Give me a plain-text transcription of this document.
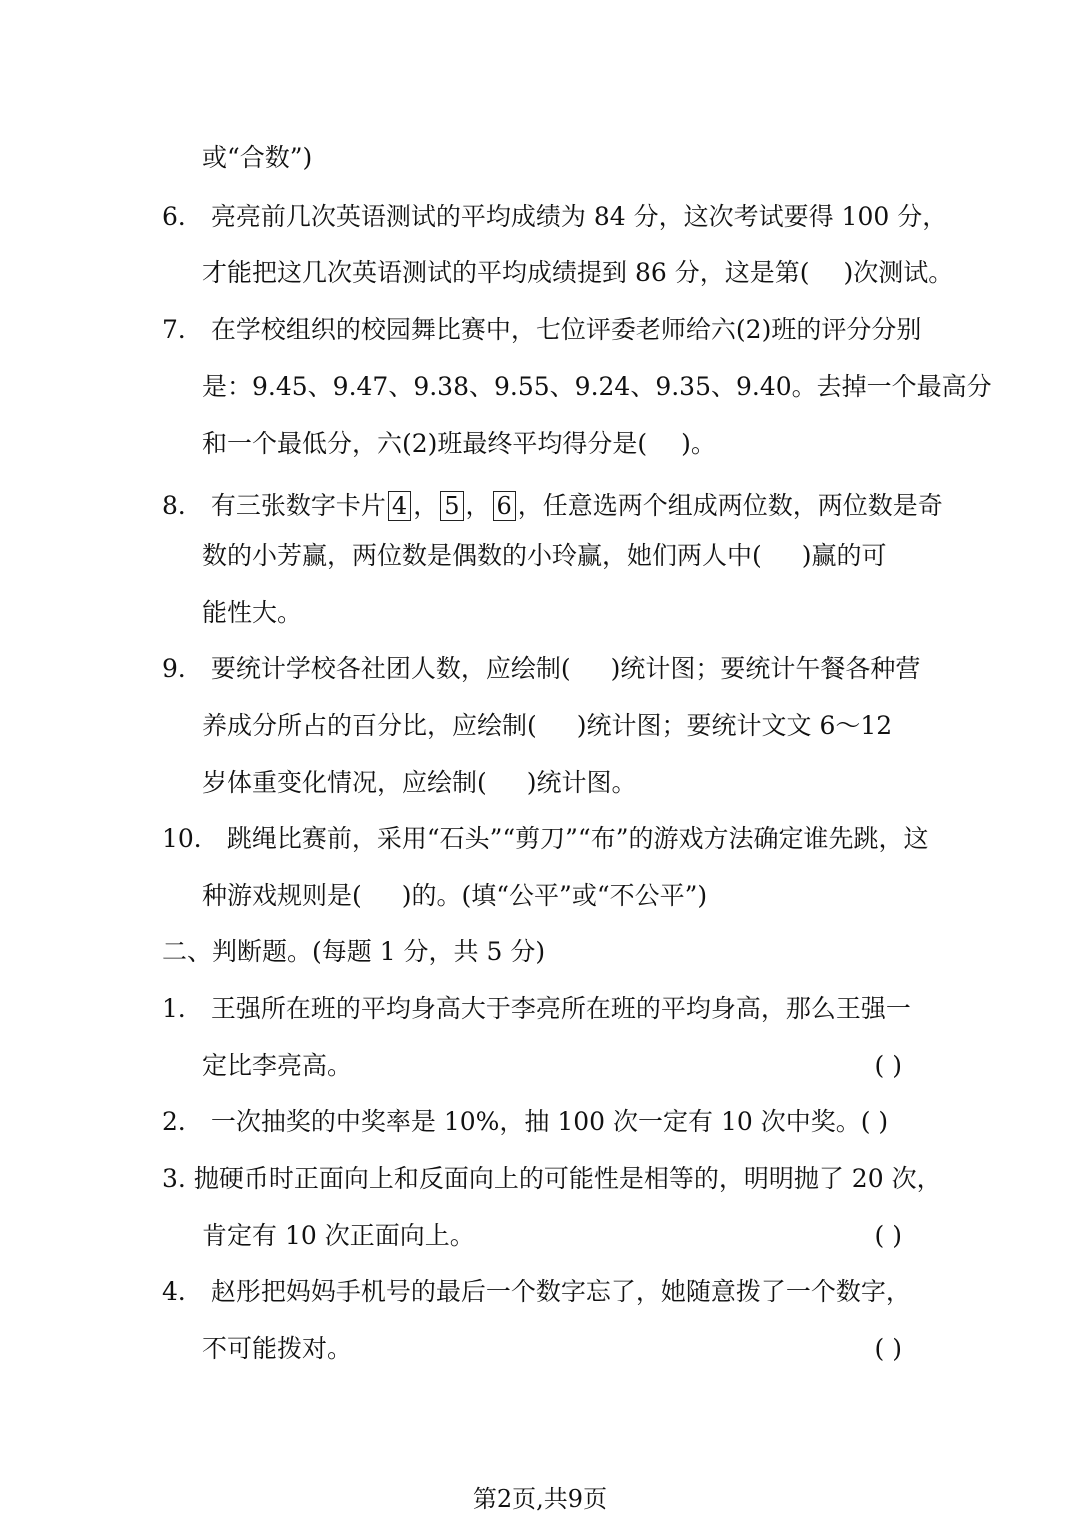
或“合数”)
6． 亮亮前几次英语测试的平均成绩为 84 分，这次考试要得 100 分，
才能把这几次英语测试的平均成绩提到 86 分，这是第( )次测试。
7． 在学校组织的校园舞比赛中，七位评委老师给六(2)班的评分分别
是：9.45、9.47、9.38、9.55、9.24、9.35、9.40。去掉一个最高分
和一个最低分，六(2)班最终平均得分是( )。
8． 有三张数字卡片 4 ， 5 ， 6 ，任意选两个组成两位数，两位数是奇
数的小芳赢，两位数是偶数的小玲赢，她们两人中( )赢的可
能性大。
9． 要统计学校各社团人数，应绘制( )统计图；要统计午餐各种营
养成分所占的百分比，应绘制( )统计图；要统计文文 6～12
岁体重变化情况，应绘制( )统计图。
10． 跳绳比赛前，采用“石头”“剪刀”“布”的游戏方法确定谁先跳，这
种游戏规则是( )的。(填“公平”或“不公平”)
二、判断题。(每题 1 分，共 5 分)
1． 王强所在班的平均身高大于李亮所在班的平均身高，那么王强一
定比李亮高。	( )
2． 一次抽奖的中奖率是 10%，抽 100 次一定有 10 次中奖。( )
3. 抛硬币时正面向上和反面向上的可能性是相等的，明明抛了 20 次，
肯定有 10 次正面向上。	( )
4． 赵彤把妈妈手机号的最后一个数字忘了，她随意拨了一个数字，
不可能拨对。	( )
第2页,共9页
